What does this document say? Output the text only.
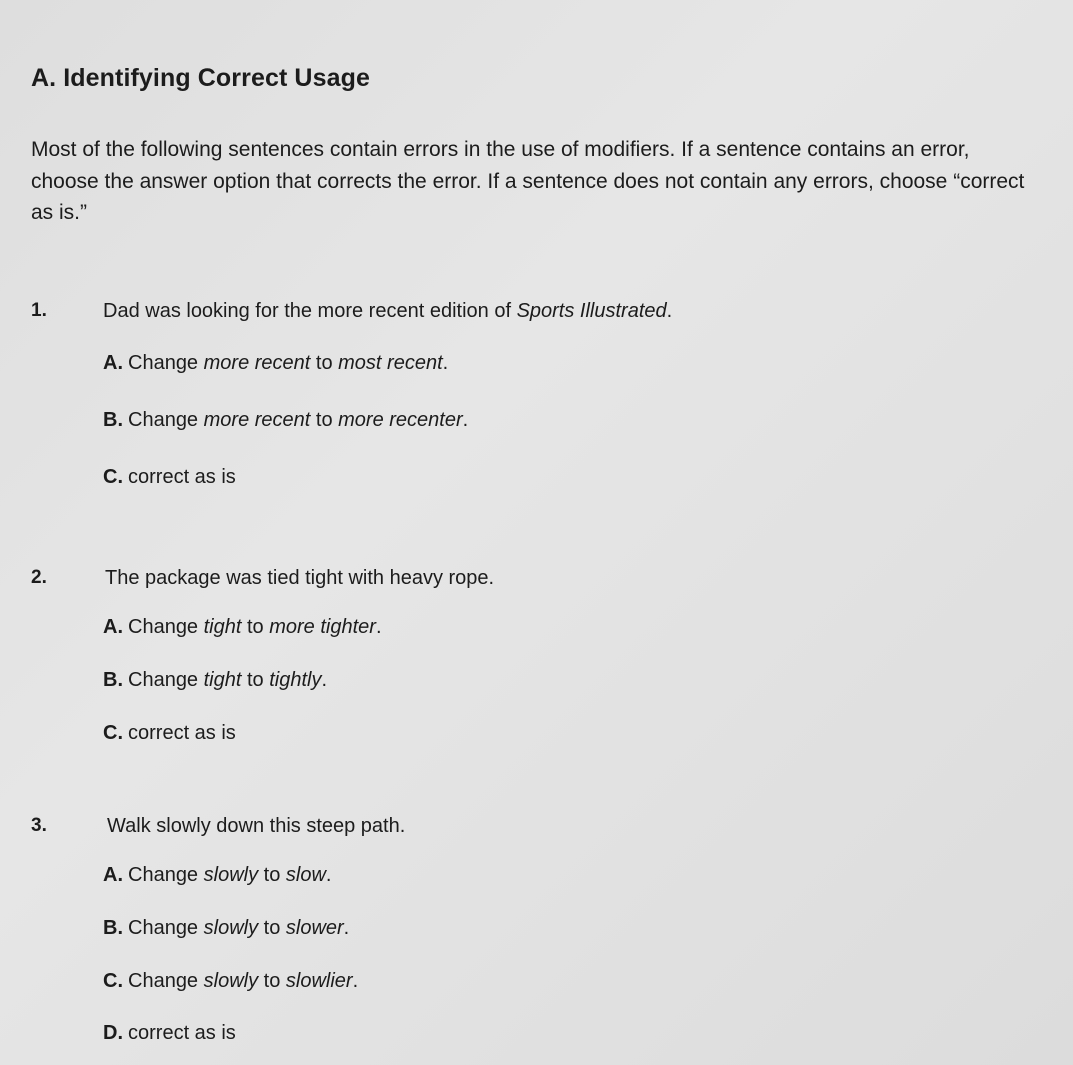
A. Identifying Correct Usage
Most of the following sentences contain errors in the use of modifiers. If a sentence contains an error, choose the answer option that corrects the error. If a sentence does not contain any errors, choose “correct as is.”
1.	Dad was looking for the more recent edition of Sports Illustrated.
A. Change more recent to most recent.
B. Change more recent to more recenter.
C. correct as is
2.	The package was tied tight with heavy rope.
A. Change tight to more tighter.
B. Change tight to tightly.
C. correct as is
3.	Walk slowly down this steep path.
A. Change slowly to slow.
B. Change slowly to slower.
C. Change slowly to slowlier.
D. correct as is
